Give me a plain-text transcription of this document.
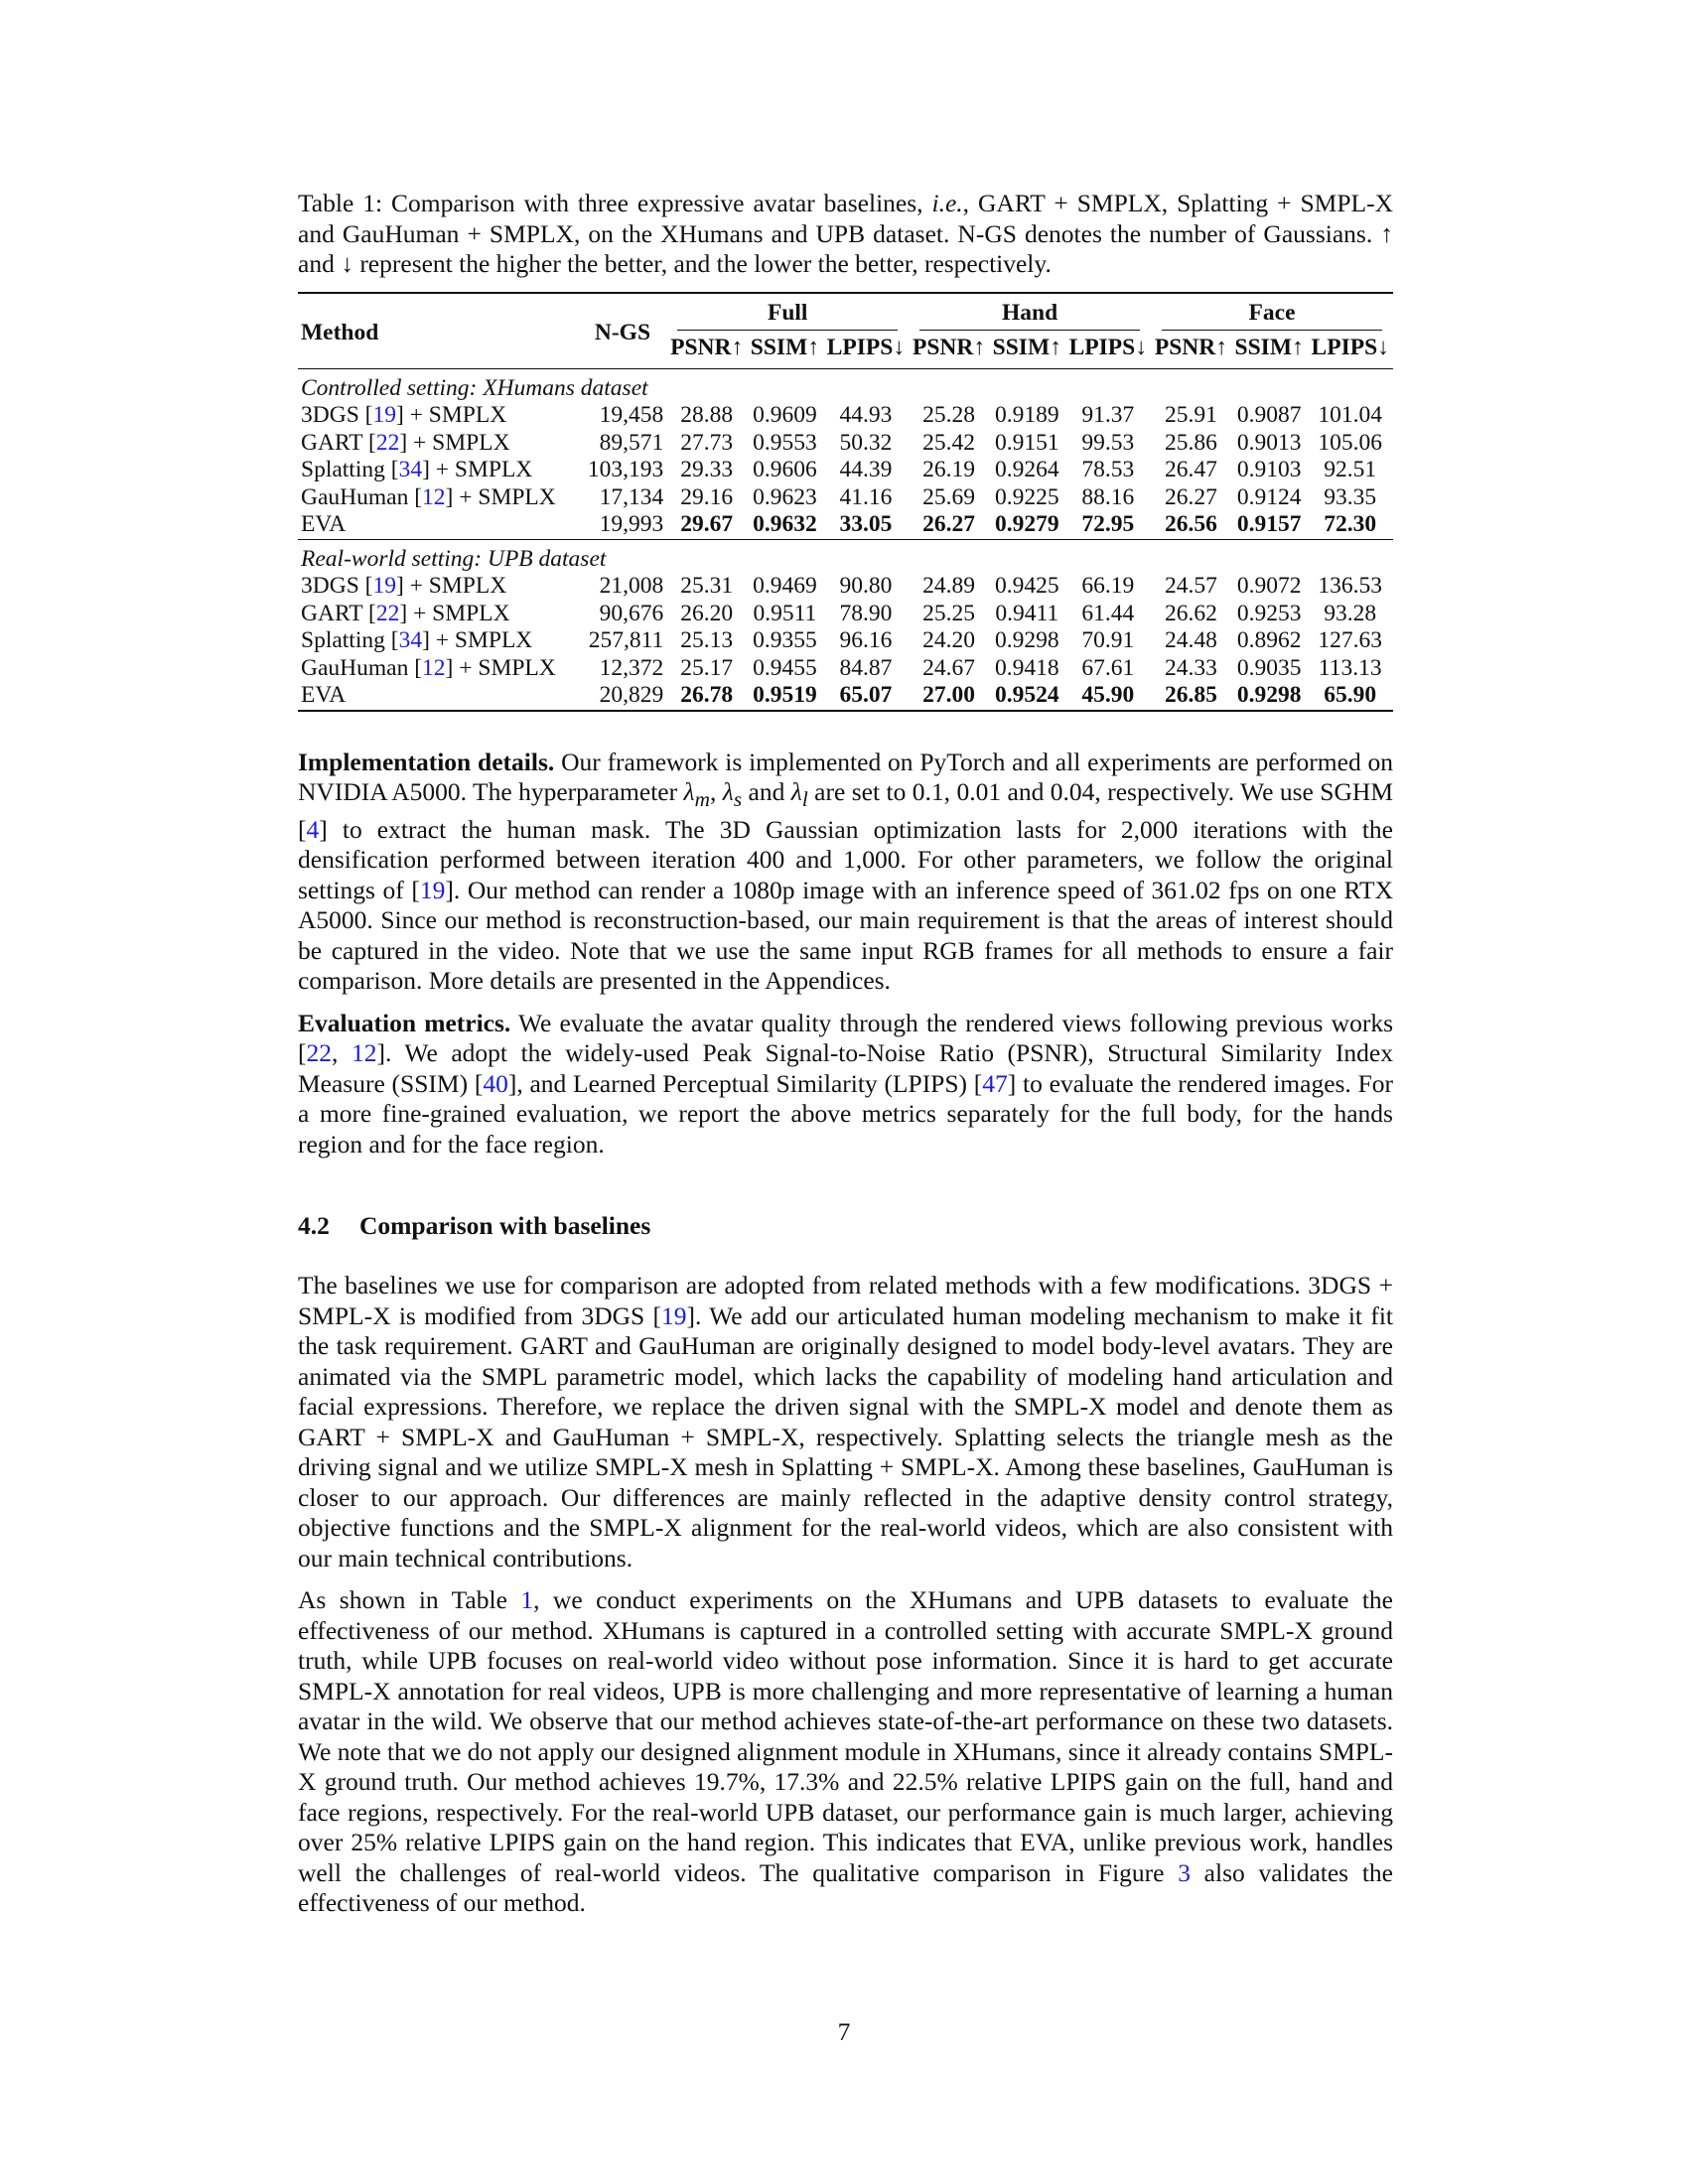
Table 1: Comparison with three expressive avatar baselines, i.e., GART + SMPLX, Splatting + SMPL-X and GauHuman + SMPLX, on the XHumans and UPB dataset. N-GS denotes the number of Gaussians. ↑ and ↓ represent the higher the better, and the lower the better, respectively.

Method	N-GS	Full			Hand			Face		

		PSNR↑	SSIM↑	LPIPS↓	PSNR↑	SSIM↑	LPIPS↓	PSNR↑	SSIM↑	LPIPS↓
Controlled setting: XHumans dataset										
3DGS [19] + SMPLX	19,458	28.88	0.9609	44.93	25.28	0.9189	91.37	25.91	0.9087	101.04
GART [22] + SMPLX	89,571	27.73	0.9553	50.32	25.42	0.9151	99.53	25.86	0.9013	105.06
Splatting [34] + SMPLX	103,193	29.33	0.9606	44.39	26.19	0.9264	78.53	26.47	0.9103	92.51
GauHuman [12] + SMPLX	17,134	29.16	0.9623	41.16	25.69	0.9225	88.16	26.27	0.9124	93.35
EVA	19,993	29.67	0.9632	33.05	26.27	0.9279	72.95	26.56	0.9157	72.30
Real-world setting: UPB dataset										
3DGS [19] + SMPLX	21,008	25.31	0.9469	90.80	24.89	0.9425	66.19	24.57	0.9072	136.53
GART [22] + SMPLX	90,676	26.20	0.9511	78.90	25.25	0.9411	61.44	26.62	0.9253	93.28
Splatting [34] + SMPLX	257,811	25.13	0.9355	96.16	24.20	0.9298	70.91	24.48	0.8962	127.63
GauHuman [12] + SMPLX	12,372	25.17	0.9455	84.87	24.67	0.9418	67.61	24.33	0.9035	113.13
EVA	20,829	26.78	0.9519	65.07	27.00	0.9524	45.90	26.85	0.9298	65.90

Implementation details. Our framework is implemented on PyTorch and all experiments are performed on NVIDIA A5000. The hyperparameter $\lambda_m$, $\lambda_s$ and $\lambda_l$ are set to 0.1, 0.01 and 0.04, respectively. We use SGHM [4] to extract the human mask. The 3D Gaussian optimization lasts for 2,000 iterations with the densification performed between iteration 400 and 1,000. For other parameters, we follow the original settings of [19]. Our method can render a 1080p image with an inference speed of 361.02 fps on one RTX A5000. Since our method is reconstruction-based, our main requirement is that the areas of interest should be captured in the video. Note that we use the same input RGB frames for all methods to ensure a fair comparison. More details are presented in the Appendices.

Evaluation metrics. We evaluate the avatar quality through the rendered views following previous works [22, 12]. We adopt the widely-used Peak Signal-to-Noise Ratio (PSNR), Structural Similarity Index Measure (SSIM) [40], and Learned Perceptual Similarity (LPIPS) [47] to evaluate the rendered images. For a more fine-grained evaluation, we report the above metrics separately for the full body, for the hands region and for the face region.

4.2 Comparison with baselines

The baselines we use for comparison are adopted from related methods with a few modifications. 3DGS + SMPL-X is modified from 3DGS [19]. We add our articulated human modeling mechanism to make it fit the task requirement. GART and GauHuman are originally designed to model body-level avatars. They are animated via the SMPL parametric model, which lacks the capability of modeling hand articulation and facial expressions. Therefore, we replace the driven signal with the SMPL-X model and denote them as GART + SMPL-X and GauHuman + SMPL-X, respectively. Splatting selects the triangle mesh as the driving signal and we utilize SMPL-X mesh in Splatting + SMPL-X. Among these baselines, GauHuman is closer to our approach. Our differences are mainly reflected in the adaptive density control strategy, objective functions and the SMPL-X alignment for the real-world videos, which are also consistent with our main technical contributions.

As shown in Table 1, we conduct experiments on the XHumans and UPB datasets to evaluate the effectiveness of our method. XHumans is captured in a controlled setting with accurate SMPL-X ground truth, while UPB focuses on real-world video without pose information. Since it is hard to get accurate SMPL-X annotation for real videos, UPB is more challenging and more representative of learning a human avatar in the wild. We observe that our method achieves state-of-the-art performance on these two datasets. We note that we do not apply our designed alignment module in XHumans, since it already contains SMPL-X ground truth. Our method achieves 19.7%, 17.3% and 22.5% relative LPIPS gain on the full, hand and face regions, respectively. For the real-world UPB dataset, our performance gain is much larger, achieving over 25% relative LPIPS gain on the hand region. This indicates that EVA, unlike previous work, handles well the challenges of real-world videos. The qualitative comparison in Figure 3 also validates the effectiveness of our method.

7
